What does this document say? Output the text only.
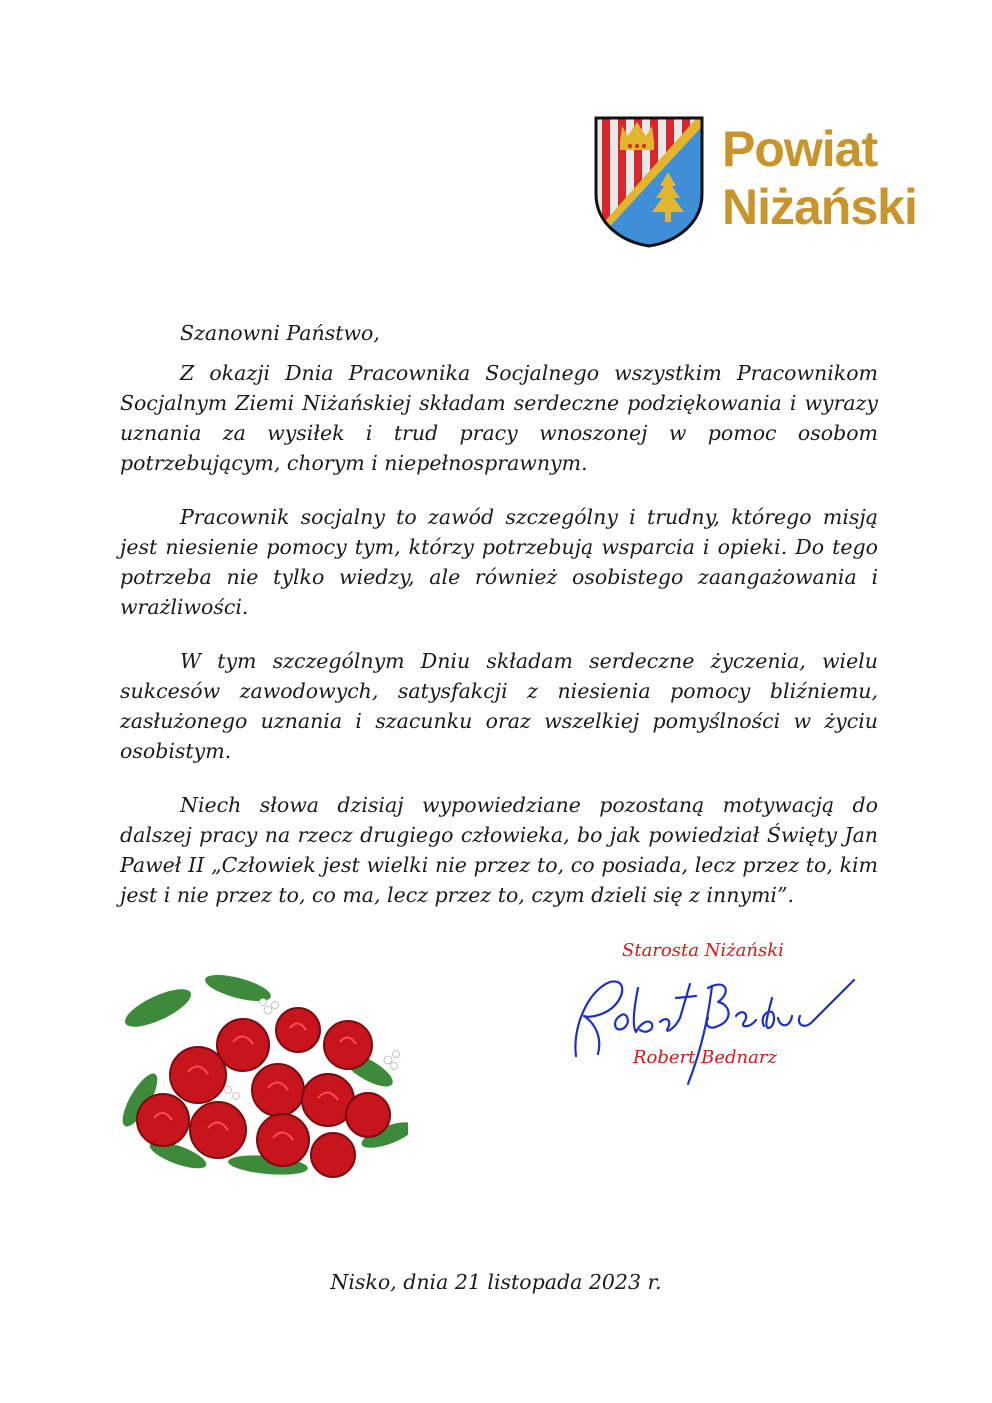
Powiat
Niżański

Szanowni Państwo,

Z okazji Dnia Pracownika Socjalnego wszystkim Pracownikom Socjalnym Ziemi Niżańskiej składam serdeczne podziękowania i wyrazy uznania za wysiłek i trud pracy wnoszonej w pomoc osobom potrzebującym, chorym i niepełnosprawnym.

Pracownik socjalny to zawód szczególny i trudny, którego misją jest niesienie pomocy tym, którzy potrzebują wsparcia i opieki. Do tego potrzeba nie tylko wiedzy, ale również osobistego zaangażowania i wrażliwości.

W tym szczególnym Dniu składam serdeczne życzenia, wielu sukcesów zawodowych, satysfakcji z niesienia pomocy bliźniemu, zasłużonego uznania i szacunku oraz wszelkiej pomyślności w życiu osobistym.

Niech słowa dzisiaj wypowiedziane pozostaną motywacją do dalszej pracy na rzecz drugiego człowieka, bo jak powiedział Święty Jan Paweł II „Człowiek jest wielki nie przez to, co posiada, lecz przez to, kim jest i nie przez to, co ma, lecz przez to, czym dzieli się z innymi”.

Starosta Niżański
Robert Bednarz
Nisko, dnia 21 listopada 2023 r.
